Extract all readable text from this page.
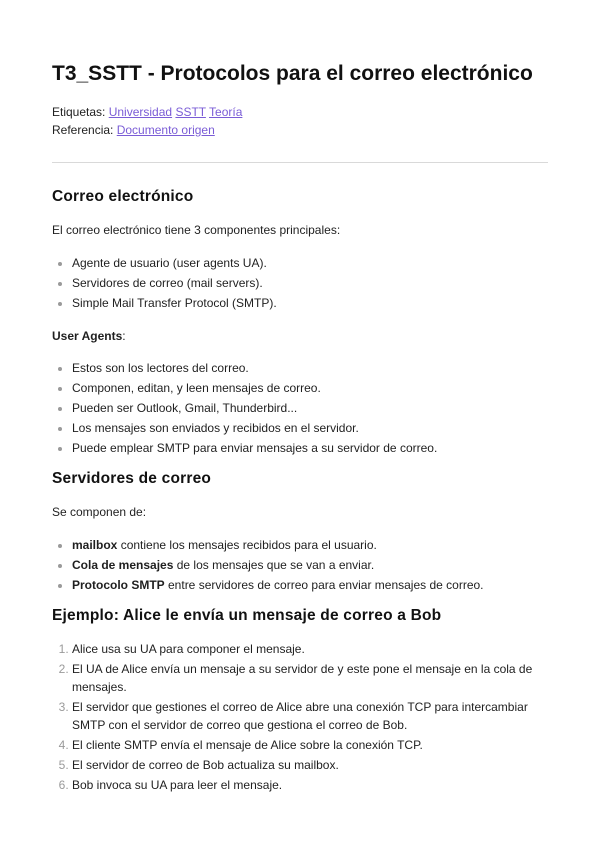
T3_SSTT - Protocolos para el correo electrónico
Etiquetas: Universidad SSTT Teoría
Referencia: Documento origen
Correo electrónico

El correo electrónico tiene 3 componentes principales:

• Agente de usuario (user agents UA).
• Servidores de correo (mail servers).
• Simple Mail Transfer Protocol (SMTP).

User Agents:

• Estos son los lectores del correo.
• Componen, editan, y leen mensajes de correo.
• Pueden ser Outlook, Gmail, Thunderbird...
• Los mensajes son enviados y recibidos en el servidor.
• Puede emplear SMTP para enviar mensajes a su servidor de correo.
Servidores de correo

Se componen de:

• mailbox contiene los mensajes recibidos para el usuario.
• Cola de mensajes de los mensajes que se van a enviar.
• Protocolo SMTP entre servidores de correo para enviar mensajes de correo.
Ejemplo: Alice le envía un mensaje de correo a Bob
1. Alice usa su UA para componer el mensaje.
2. El UA de Alice envía un mensaje a su servidor de y este pone el mensaje en la cola de mensajes.
3. El servidor que gestiones el correo de Alice abre una conexión TCP para intercambiar SMTP con el servidor de correo que gestiona el correo de Bob.
4. El cliente SMTP envía el mensaje de Alice sobre la conexión TCP.
5. El servidor de correo de Bob actualiza su mailbox.
6. Bob invoca su UA para leer el mensaje.
